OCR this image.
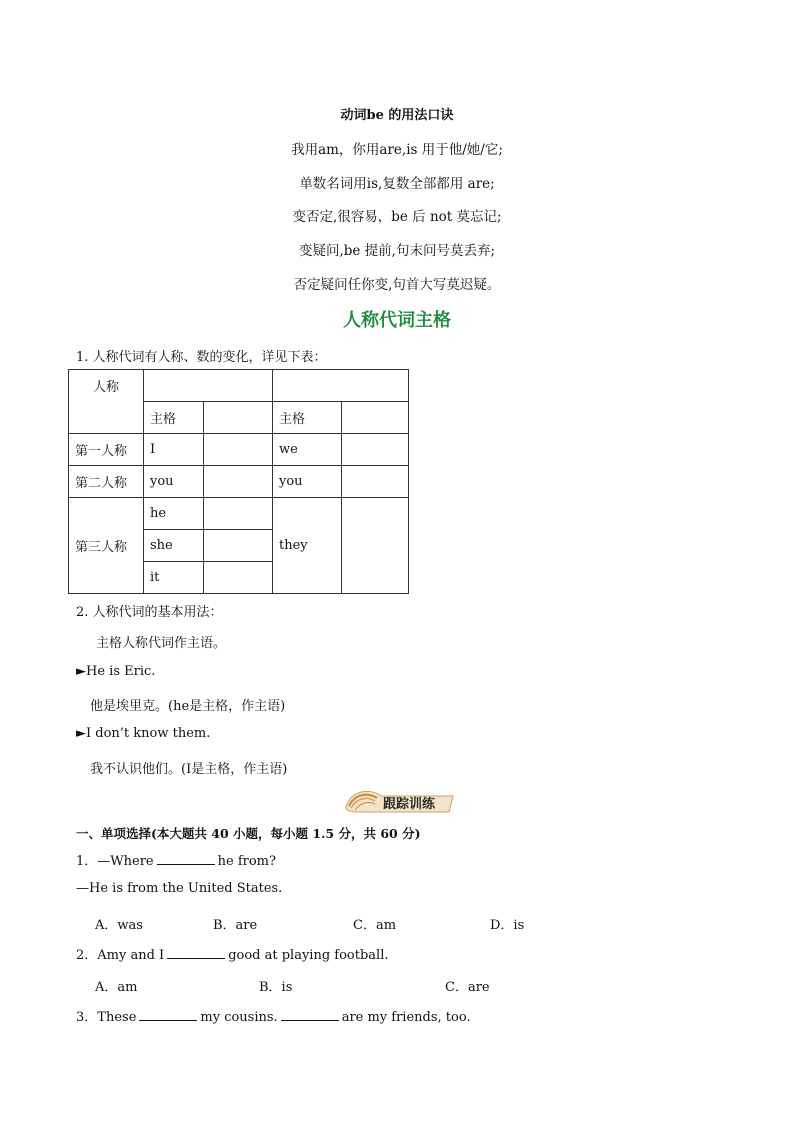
动词be 的用法口诀
我用am，你用are,is 用于他/她/它;
单数名词用is,复数全部都用 are;
变否定,很容易，be 后 not 莫忘记;
变疑问,be 提前,句末问号莫丢弃;
否定疑问任你变,句首大写莫迟疑。
人称代词主格
1. 人称代词有人称、数的变化，详见下表：
人称				
	主格		主格	
第一人称	I		we	
第二人称	you		you	
第三人称	he		they	
	she			
	it			
2. 人称代词的基本用法：
主格人称代词作主语。
►He is Eric.
他是埃里克。(he是主格，作主语)
►I don’t know them.
我不认识他们。(I是主格，作主语)
跟踪训练
一、单项选择(本大题共 40 小题，每小题 1.5 分，共 60 分)
1．—Where	he from?
—He is from the United States.
A．was	B．are	C．am	D．is
2．Amy and I	good at playing football.
A．am	B．is	C．are
3．These	my cousins.	are my friends, too.
